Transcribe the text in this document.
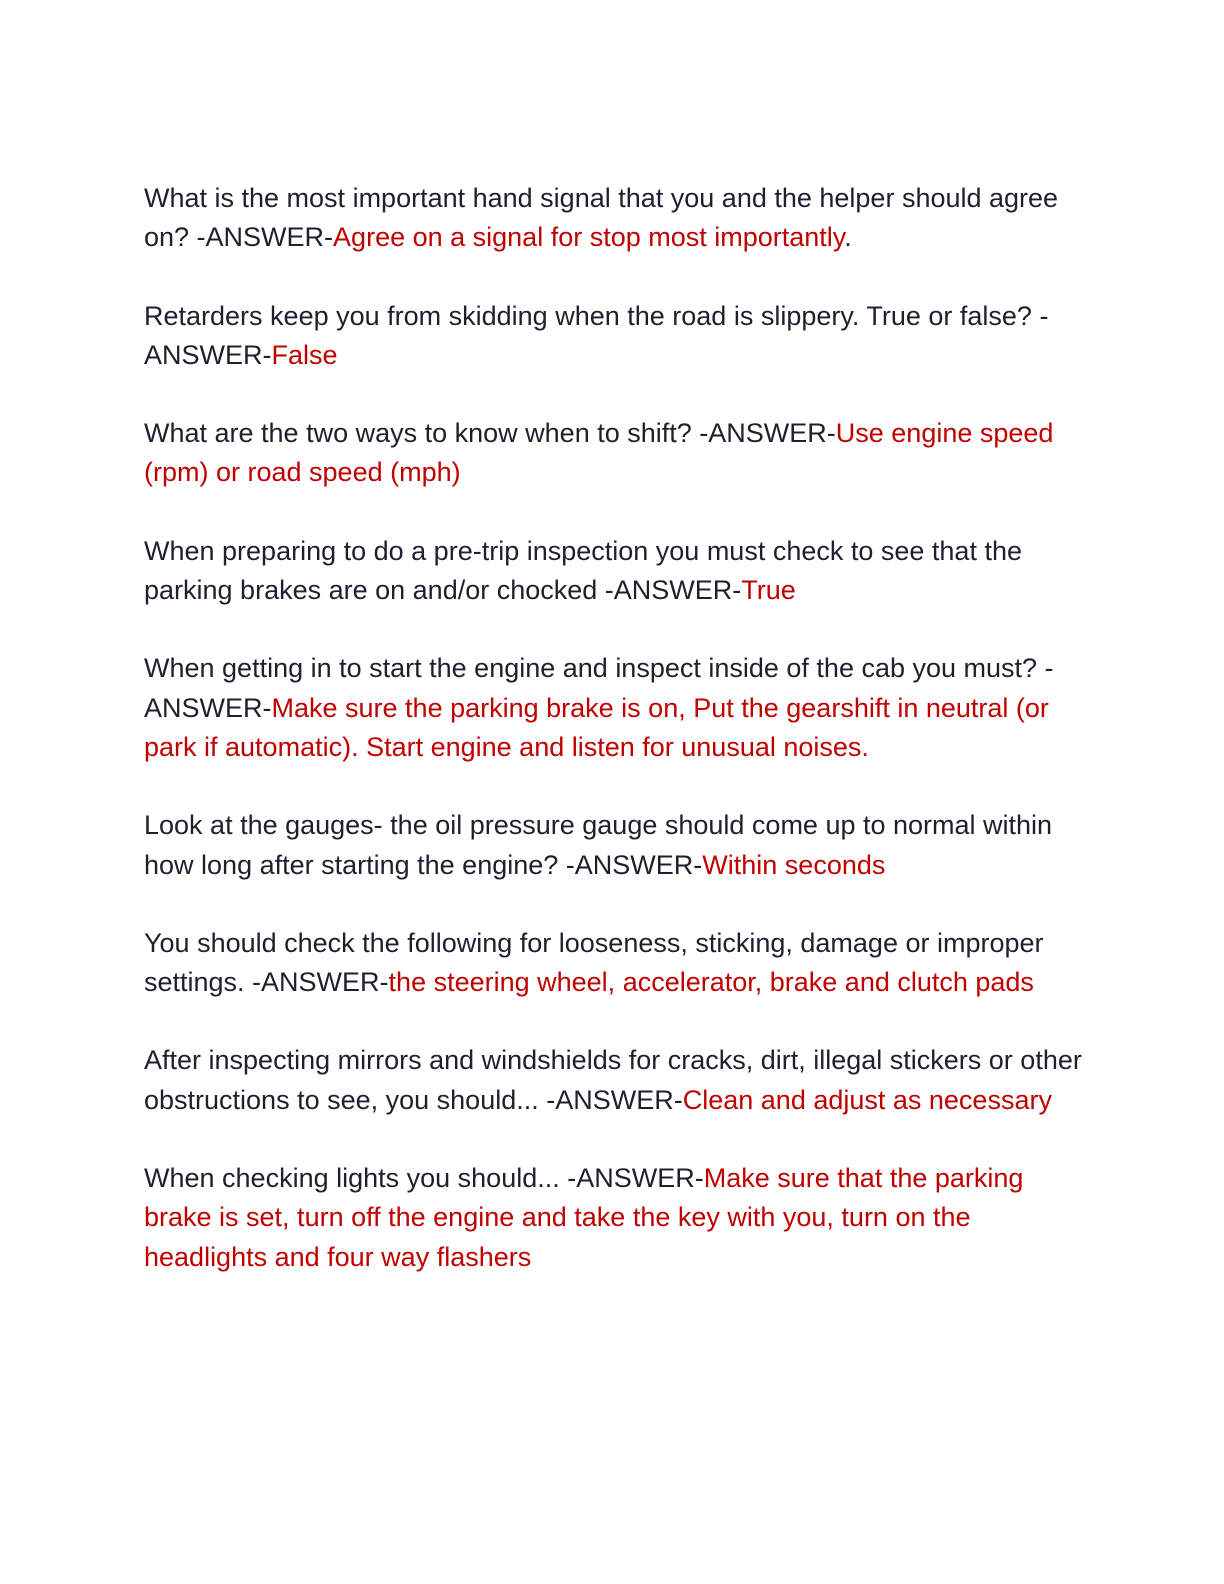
What is the most important hand signal that you and the helper should agree on? -ANSWER-Agree on a signal for stop most importantly.

Retarders keep you from skidding when the road is slippery. True or false? -ANSWER-False

What are the two ways to know when to shift? -ANSWER-Use engine speed (rpm) or road speed (mph)

When preparing to do a pre-trip inspection you must check to see that the parking brakes are on and/or chocked -ANSWER-True

When getting in to start the engine and inspect inside of the cab you must? -ANSWER-Make sure the parking brake is on, Put the gearshift in neutral (or park if automatic). Start engine and listen for unusual noises.

Look at the gauges- the oil pressure gauge should come up to normal within how long after starting the engine? -ANSWER-Within seconds

You should check the following for looseness, sticking, damage or improper settings. -ANSWER-the steering wheel, accelerator, brake and clutch pads

After inspecting mirrors and windshields for cracks, dirt, illegal stickers or other obstructions to see, you should... -ANSWER-Clean and adjust as necessary

When checking lights you should... -ANSWER-Make sure that the parking brake is set, turn off the engine and take the key with you, turn on the headlights and four way flashers
